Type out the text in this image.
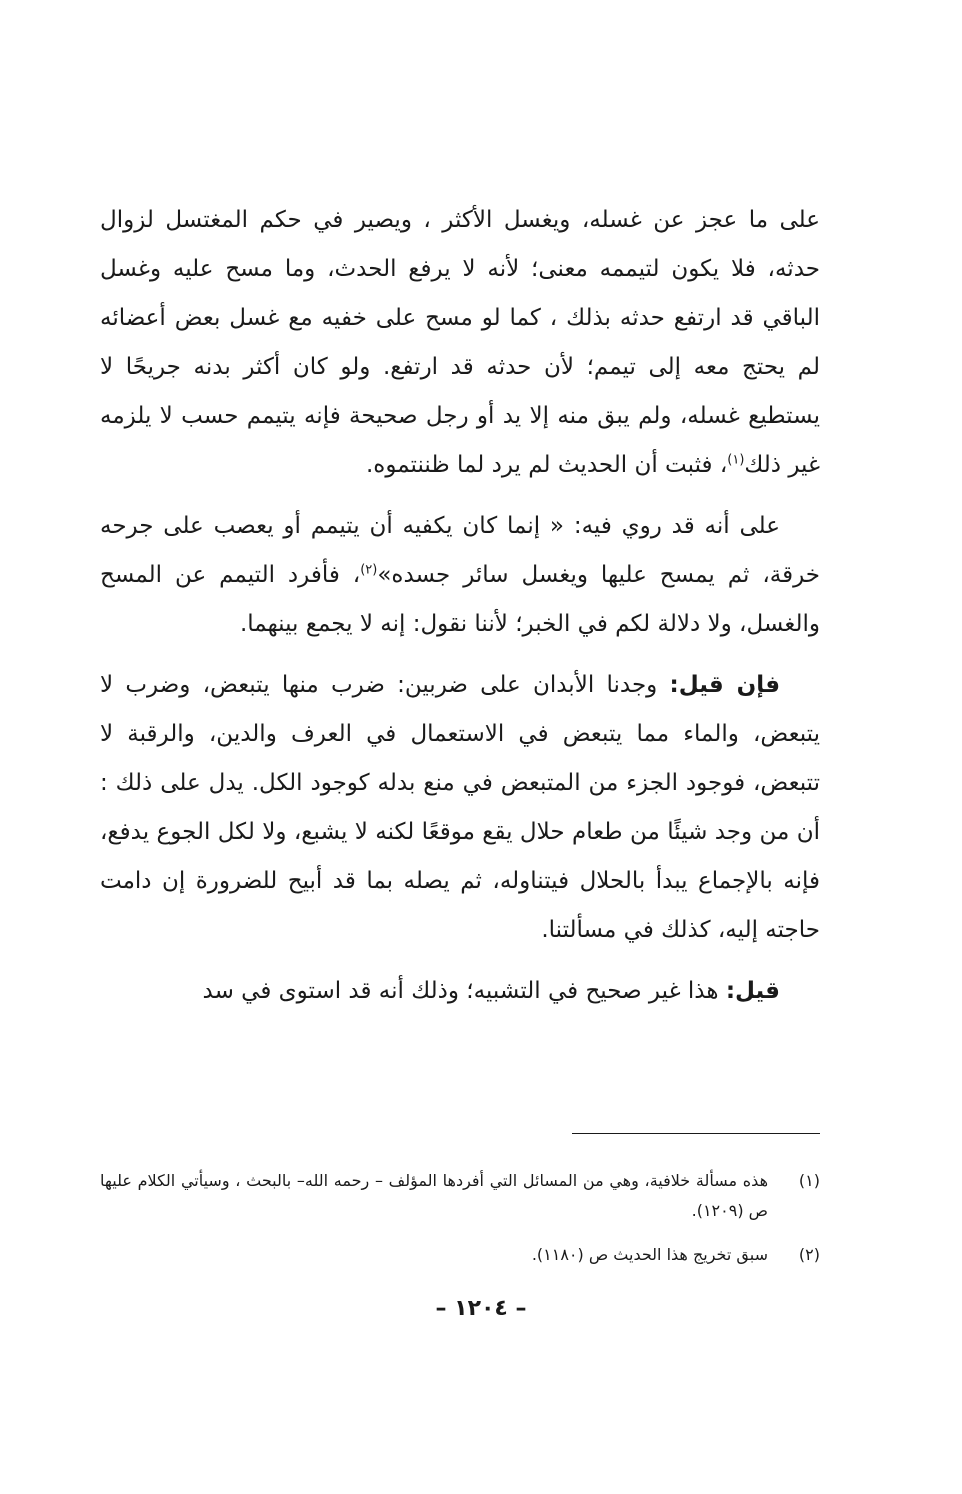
على ما عجز عن غسله، ويغسل الأكثر ، ويصير في حكم المغتسل لزوال حدثه، فلا يكون لتيممه معنى؛ لأنه لا يرفع الحدث، وما مسح عليه وغسل الباقي قد ارتفع حدثه بذلك ، كما لو مسح على خفيه مع غسل بعض أعضائه لم يحتج معه إلى تيمم؛ لأن حدثه قد ارتفع. ولو كان أكثر بدنه جريحًا لا يستطيع غسله، ولم يبق منه إلا يد أو رجل صحيحة فإنه يتيمم حسب لا يلزمه غير ذلك$^{(١)}$، فثبت أن الحديث لم يرد لما ظننتموه.

على أنه قد روي فيه: « إنما كان يكفيه أن يتيمم أو يعصب على جرحه خرقة، ثم يمسح عليها ويغسل سائر جسده»$^{(٢)}$، فأفرد التيمم عن المسح والغسل، ولا دلالة لكم في الخبر؛ لأننا نقول: إنه لا يجمع بينهما.

فإن قيل: وجدنا الأبدان على ضربين: ضرب منها يتبعض، وضرب لا يتبعض، والماء مما يتبعض في الاستعمال في العرف والدين، والرقبة لا تتبعض، فوجود الجزء من المتبعض في منع بدله كوجود الكل. يدل على ذلك : أن من وجد شيئًا من طعام حلال يقع موقعًا لكنه لا يشبع، ولا لكل الجوع يدفع، فإنه بالإجماع يبدأ بالحلال فيتناوله، ثم يصله بما قد أبيح للضرورة إن دامت حاجته إليه، كذلك في مسألتنا.

قيل: هذا غير صحيح في التشبيه؛ وذلك أنه قد استوى في سد

(١)
هذه مسألة خلافية، وهي من المسائل التي أفردها المؤلف – رحمه الله– بالبحث ، وسيأتي الكلام عليها ص (١٢٠٩).
(٢)
سبق تخريج هذا الحديث ص (١١٨٠).
– ١٢٠٤ –
